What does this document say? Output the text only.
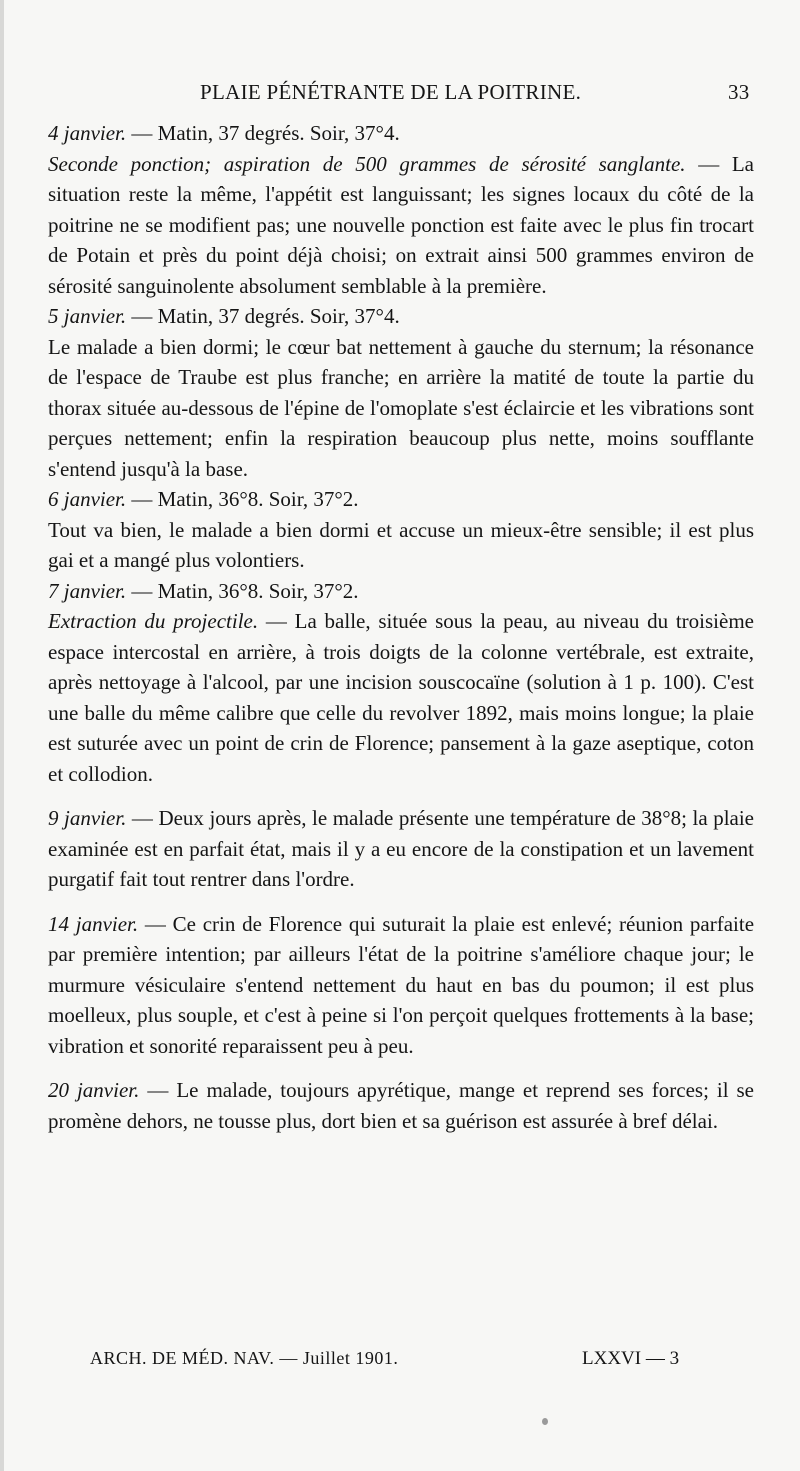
PLAIE PÉNÉTRANTE DE LA POITRINE.	33

4 janvier. — Matin, 37 degrés. Soir, 37°4.

Seconde ponction; aspiration de 500 grammes de sérosité sanglante. — La situation reste la même, l'appétit est languissant; les signes locaux du côté de la poitrine ne se modifient pas; une nouvelle ponction est faite avec le plus fin trocart de Potain et près du point déjà choisi; on extrait ainsi 500 grammes environ de sérosité sanguinolente absolument semblable à la première.

5 janvier. — Matin, 37 degrés. Soir, 37°4.

Le malade a bien dormi; le cœur bat nettement à gauche du sternum; la résonance de l'espace de Traube est plus franche; en arrière la matité de toute la partie du thorax située au-dessous de l'épine de l'omoplate s'est éclaircie et les vibrations sont perçues nettement; enfin la respiration beaucoup plus nette, moins soufflante s'entend jusqu'à la base.

6 janvier. — Matin, 36°8. Soir, 37°2.

Tout va bien, le malade a bien dormi et accuse un mieux-être sensible; il est plus gai et a mangé plus volontiers.

7 janvier. — Matin, 36°8. Soir, 37°2.

Extraction du projectile. — La balle, située sous la peau, au niveau du troisième espace intercostal en arrière, à trois doigts de la colonne vertébrale, est extraite, après nettoyage à l'alcool, par une incision souscocaïne (solution à 1 p. 100). C'est une balle du même calibre que celle du revolver 1892, mais moins longue; la plaie est suturée avec un point de crin de Florence; pansement à la gaze aseptique, coton et collodion.

9 janvier. — Deux jours après, le malade présente une température de 38°8; la plaie examinée est en parfait état, mais il y a eu encore de la constipation et un lavement purgatif fait tout rentrer dans l'ordre.

14 janvier. — Ce crin de Florence qui suturait la plaie est enlevé; réunion parfaite par première intention; par ailleurs l'état de la poitrine s'améliore chaque jour; le murmure vésiculaire s'entend nettement du haut en bas du poumon; il est plus moelleux, plus souple, et c'est à peine si l'on perçoit quelques frottements à la base; vibration et sonorité reparaissent peu à peu.

20 janvier. — Le malade, toujours apyrétique, mange et reprend ses forces; il se promène dehors, ne tousse plus, dort bien et sa guérison est assurée à bref délai.

ARCH. DE MÉD. NAV. — Juillet 1901.	LXXVI — 3
